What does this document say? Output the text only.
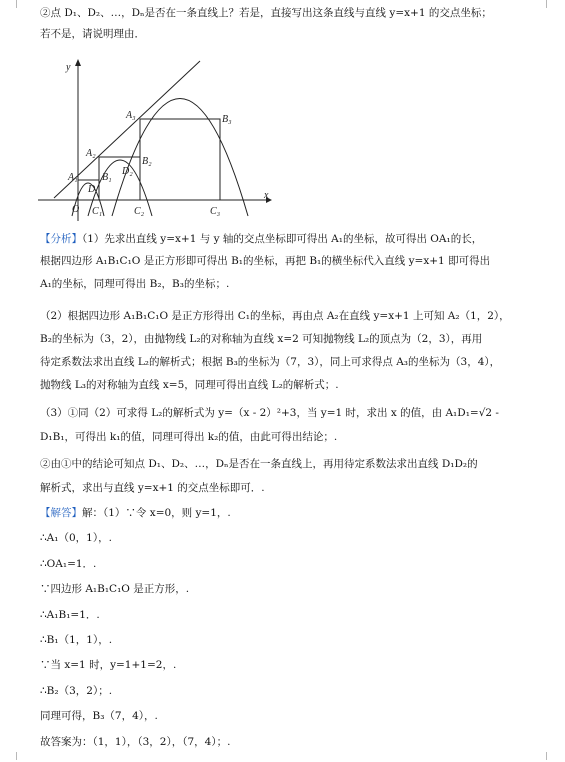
②点 D₁、D₂、…，Dₙ是否在一条直线上？若是，直接写出这条直线与直线 y=x+1 的交点坐标；
若不是，请说明理由．
【分析】（1）先求出直线 y=x+1 与 y 轴的交点坐标即可得出 A₁的坐标，故可得出 OA₁的长，
根据四边形 A₁B₁C₁O 是正方形即可得出 B₁的坐标，再把 B₁的横坐标代入直线 y=x+1 即可得出
A₁的坐标，同理可得出 B₂，B₃的坐标；.
（2）根据四边形 A₁B₁C₁O 是正方形得出 C₁的坐标，再由点 A₂在直线 y=x+1 上可知 A₂（1，2），
B₂的坐标为（3，2），由抛物线 L₂的对称轴为直线 x=2 可知抛物线 L₂的顶点为（2，3），再用
待定系数法求出直线 L₂的解析式；根据 B₃的坐标为（7，3），同上可求得点 A₃的坐标为（3，4），
抛物线 L₃的对称轴为直线 x=5，同理可得出直线 L₂的解析式；.
（3）①同（2）可求得 L₂的解析式为 y=（x - 2）²+3，当 y=1 时，求出 x 的值，由 A₁D₁=√2 -
D₁B₁，可得出 k₁的值，同理可得出 k₂的值，由此可得出结论；.
②由①中的结论可知点 D₁、D₂、…，Dₙ是否在一条直线上，再用待定系数法求出直线 D₁D₂的
解析式，求出与直线 y=x+1 的交点坐标即可．.
【解答】解：（1）∵令 x=0，则 y=1，.
∴A₁（0，1），.
∴OA₁=1．.
∵四边形 A₁B₁C₁O 是正方形，.
∴A₁B₁=1．.
∴B₁（1，1），.
∵当 x=1 时，y=1+1=2，.
∴B₂（3，2）；.
同理可得，B₃（7，4），.
故答案为：（1，1），（3，2），（7，4）；.
y
x
O
A₁
A₂
A₃
B₁
B₂
B₃
C₁	C₂	C₃
D
D₂
